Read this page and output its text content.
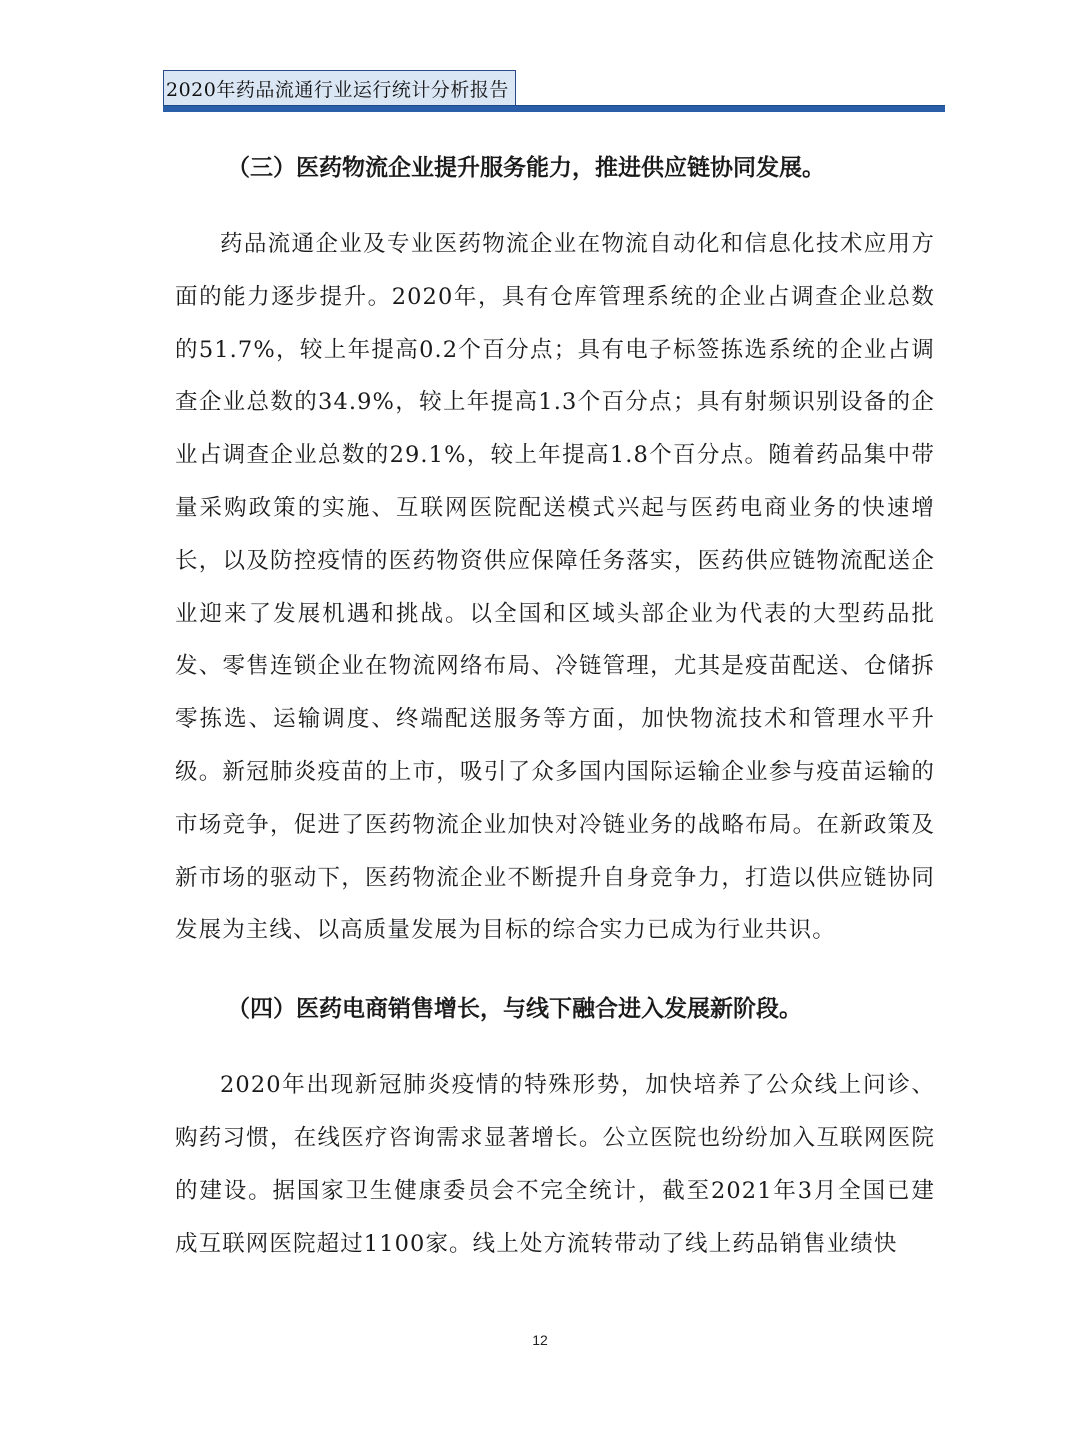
2020年药品流通行业运行统计分析报告
（三）医药物流企业提升服务能力，推进供应链协同发展。

药品流通企业及专业医药物流企业在物流自动化和信息化技术应用方面的能力逐步提升。2020年，具有仓库管理系统的企业占调查企业总数的51.7%，较上年提高0.2个百分点；具有电子标签拣选系统的企业占调查企业总数的34.9%，较上年提高1.3个百分点；具有射频识别设备的企业占调查企业总数的29.1%，较上年提高1.8个百分点。随着药品集中带量采购政策的实施、互联网医院配送模式兴起与医药电商业务的快速增长，以及防控疫情的医药物资供应保障任务落实，医药供应链物流配送企业迎来了发展机遇和挑战。以全国和区域头部企业为代表的大型药品批发、零售连锁企业在物流网络布局、冷链管理，尤其是疫苗配送、仓储拆零拣选、运输调度、终端配送服务等方面，加快物流技术和管理水平升级。新冠肺炎疫苗的上市，吸引了众多国内国际运输企业参与疫苗运输的市场竞争，促进了医药物流企业加快对冷链业务的战略布局。在新政策及新市场的驱动下，医药物流企业不断提升自身竞争力，打造以供应链协同发展为主线、以高质量发展为目标的综合实力已成为行业共识。

（四）医药电商销售增长，与线下融合进入发展新阶段。

2020年出现新冠肺炎疫情的特殊形势，加快培养了公众线上问诊、购药习惯，在线医疗咨询需求显著增长。公立医院也纷纷加入互联网医院的建设。据国家卫生健康委员会不完全统计，截至2021年3月全国已建成互联网医院超过1100家。线上处方流转带动了线上药品销售业绩快

12
